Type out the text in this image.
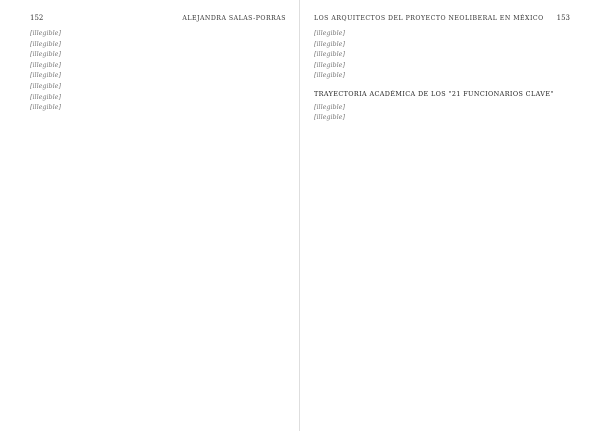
152	ALEJANDRA SALAS-PORRAS

[illegible]

[illegible]

[illegible]

[illegible]

[illegible]

[illegible]

[illegible]

[illegible]

LOS ARQUITECTOS DEL PROYECTO NEOLIBERAL EN MÉXICO 153

[illegible]

[illegible]

[illegible]

[illegible]

[illegible]

TRAYECTORIA ACADÉMICA DE LOS "21 FUNCIONARIOS CLAVE"

[illegible]

[illegible]
